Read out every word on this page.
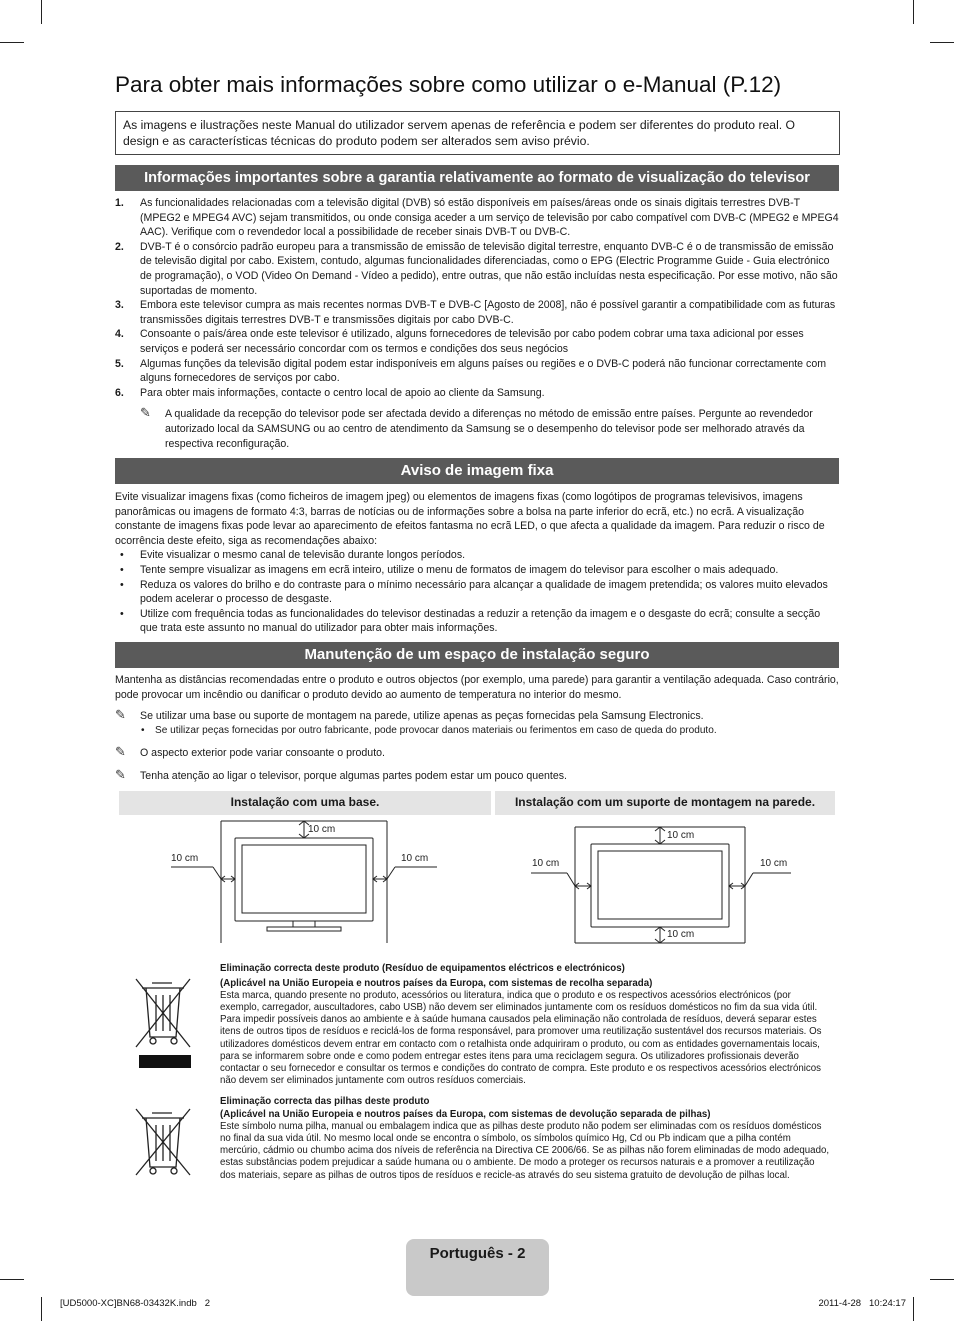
Para obter mais informações sobre como utilizar o e-Manual (P.12)
As imagens e ilustrações neste Manual do utilizador servem apenas de referência e podem ser diferentes do produto real. O design e as características técnicas do produto podem ser alterados sem aviso prévio.
Informações importantes sobre a garantia relativamente ao formato de visualização do televisor
1. As funcionalidades relacionadas com a televisão digital (DVB) só estão disponíveis em países/áreas onde os sinais digitais terrestres DVB-T (MPEG2 e MPEG4 AVC) sejam transmitidos, ou onde consiga aceder a um serviço de televisão por cabo compatível com DVB-C (MPEG2 e MPEG4 AAC). Verifique com o revendedor local a possibilidade de receber sinais DVB-T ou DVB-C.
2. DVB-T é o consórcio padrão europeu para a transmissão de emissão de televisão digital terrestre, enquanto DVB-C é o de transmissão de emissão de televisão digital por cabo. Existem, contudo, algumas funcionalidades diferenciadas, como o EPG (Electric Programme Guide - Guia electrónico de programação), o VOD (Video On Demand - Vídeo a pedido), entre outras, que não estão incluídas nesta especificação. Por esse motivo, não são suportadas de momento.
3. Embora este televisor cumpra as mais recentes normas DVB-T e DVB-C [Agosto de 2008], não é possível garantir a compatibilidade com as futuras transmissões digitais terrestres DVB-T e transmissões digitais por cabo DVB-C.
4. Consoante o país/área onde este televisor é utilizado, alguns fornecedores de televisão por cabo podem cobrar uma taxa adicional por esses serviços e poderá ser necessário concordar com os termos e condições dos seus negócios
5. Algumas funções da televisão digital podem estar indisponíveis em alguns países ou regiões e o DVB-C poderá não funcionar correctamente com alguns fornecedores de serviços por cabo.
6. Para obter mais informações, contacte o centro local de apoio ao cliente da Samsung.
✎ A qualidade da recepção do televisor pode ser afectada devido a diferenças no método de emissão entre países. Pergunte ao revendedor autorizado local da SAMSUNG ou ao centro de atendimento da Samsung se o desempenho do televisor pode ser melhorado através da respectiva reconfiguração.
Aviso de imagem fixa
Evite visualizar imagens fixas (como ficheiros de imagem jpeg) ou elementos de imagens fixas (como logótipos de programas televisivos, imagens panorâmicas ou imagens de formato 4:3, barras de notícias ou de informações sobre a bolsa na parte inferior do ecrã, etc.) no ecrã. A visualização constante de imagens fixas pode levar ao aparecimento de efeitos fantasma no ecrã LED, o que afecta a qualidade da imagem. Para reduzir o risco de ocorrência deste efeito, siga as recomendações abaixo:
• Evite visualizar o mesmo canal de televisão durante longos períodos.
• Tente sempre visualizar as imagens em ecrã inteiro, utilize o menu de formatos de imagem do televisor para escolher o mais adequado.
• Reduza os valores do brilho e do contraste para o mínimo necessário para alcançar a qualidade de imagem pretendida; os valores muito elevados podem acelerar o processo de desgaste.
• Utilize com frequência todas as funcionalidades do televisor destinadas a reduzir a retenção da imagem e o desgaste do ecrã; consulte a secção que trata este assunto no manual do utilizador para obter mais informações.
Manutenção de um espaço de instalação seguro
Mantenha as distâncias recomendadas entre o produto e outros objectos (por exemplo, uma parede) para garantir a ventilação adequada. Caso contrário, pode provocar um incêndio ou danificar o produto devido ao aumento de temperatura no interior do mesmo.
✎ Se utilizar uma base ou suporte de montagem na parede, utilize apenas as peças fornecidas pela Samsung Electronics.
• Se utilizar peças fornecidas por outro fabricante, pode provocar danos materiais ou ferimentos em caso de queda do produto.
✎ O aspecto exterior pode variar consoante o produto.
✎ Tenha atenção ao ligar o televisor, porque algumas partes podem estar um pouco quentes.
Instalação com uma base.	Instalação com um suporte de montagem na parede.
10 cm
10 cm	10 cm
10 cm
10 cm	10 cm
10 cm
Eliminação correcta deste produto (Resíduo de equipamentos eléctricos e electrónicos)
(Aplicável na União Europeia e noutros países da Europa, com sistemas de recolha separada)
Esta marca, quando presente no produto, acessórios ou literatura, indica que o produto e os respectivos acessórios electrónicos (por exemplo, carregador, auscultadores, cabo USB) não devem ser eliminados juntamente com os resíduos domésticos no fim da sua vida útil. Para impedir possíveis danos ao ambiente e à saúde humana causados pela eliminação não controlada de resíduos, deverá separar estes itens de outros tipos de resíduos e reciclá-los de forma responsável, para promover uma reutilização sustentável dos recursos materiais. Os utilizadores domésticos devem entrar em contacto com o retalhista onde adquiriram o produto, ou com as entidades governamentais locais, para se informarem sobre onde e como podem entregar estes itens para uma reciclagem segura. Os utilizadores profissionais deverão contactar o seu fornecedor e consultar os termos e condições do contrato de compra. Este produto e os respectivos acessórios electrónicos não devem ser eliminados juntamente com outros resíduos comerciais.
Eliminação correcta das pilhas deste produto
(Aplicável na União Europeia e noutros países da Europa, com sistemas de devolução separada de pilhas)
Este símbolo numa pilha, manual ou embalagem indica que as pilhas deste produto não podem ser eliminadas com os resíduos domésticos no final da sua vida útil. No mesmo local onde se encontra o símbolo, os símbolos químico Hg, Cd ou Pb indicam que a pilha contém mercúrio, cádmio ou chumbo acima dos níveis de referência na Directiva CE 2006/66. Se as pilhas não forem eliminadas de modo adequado, estas substâncias podem prejudicar a saúde humana ou o ambiente. De modo a proteger os recursos naturais e a promover a reutilização dos materiais, separe as pilhas de outros tipos de resíduos e recicle-as através do seu sistema gratuito de devolução de pilhas local.
Português - 2
[UD5000-XC]BN68-03432K.indb   2	2011-4-28   10:24:17
